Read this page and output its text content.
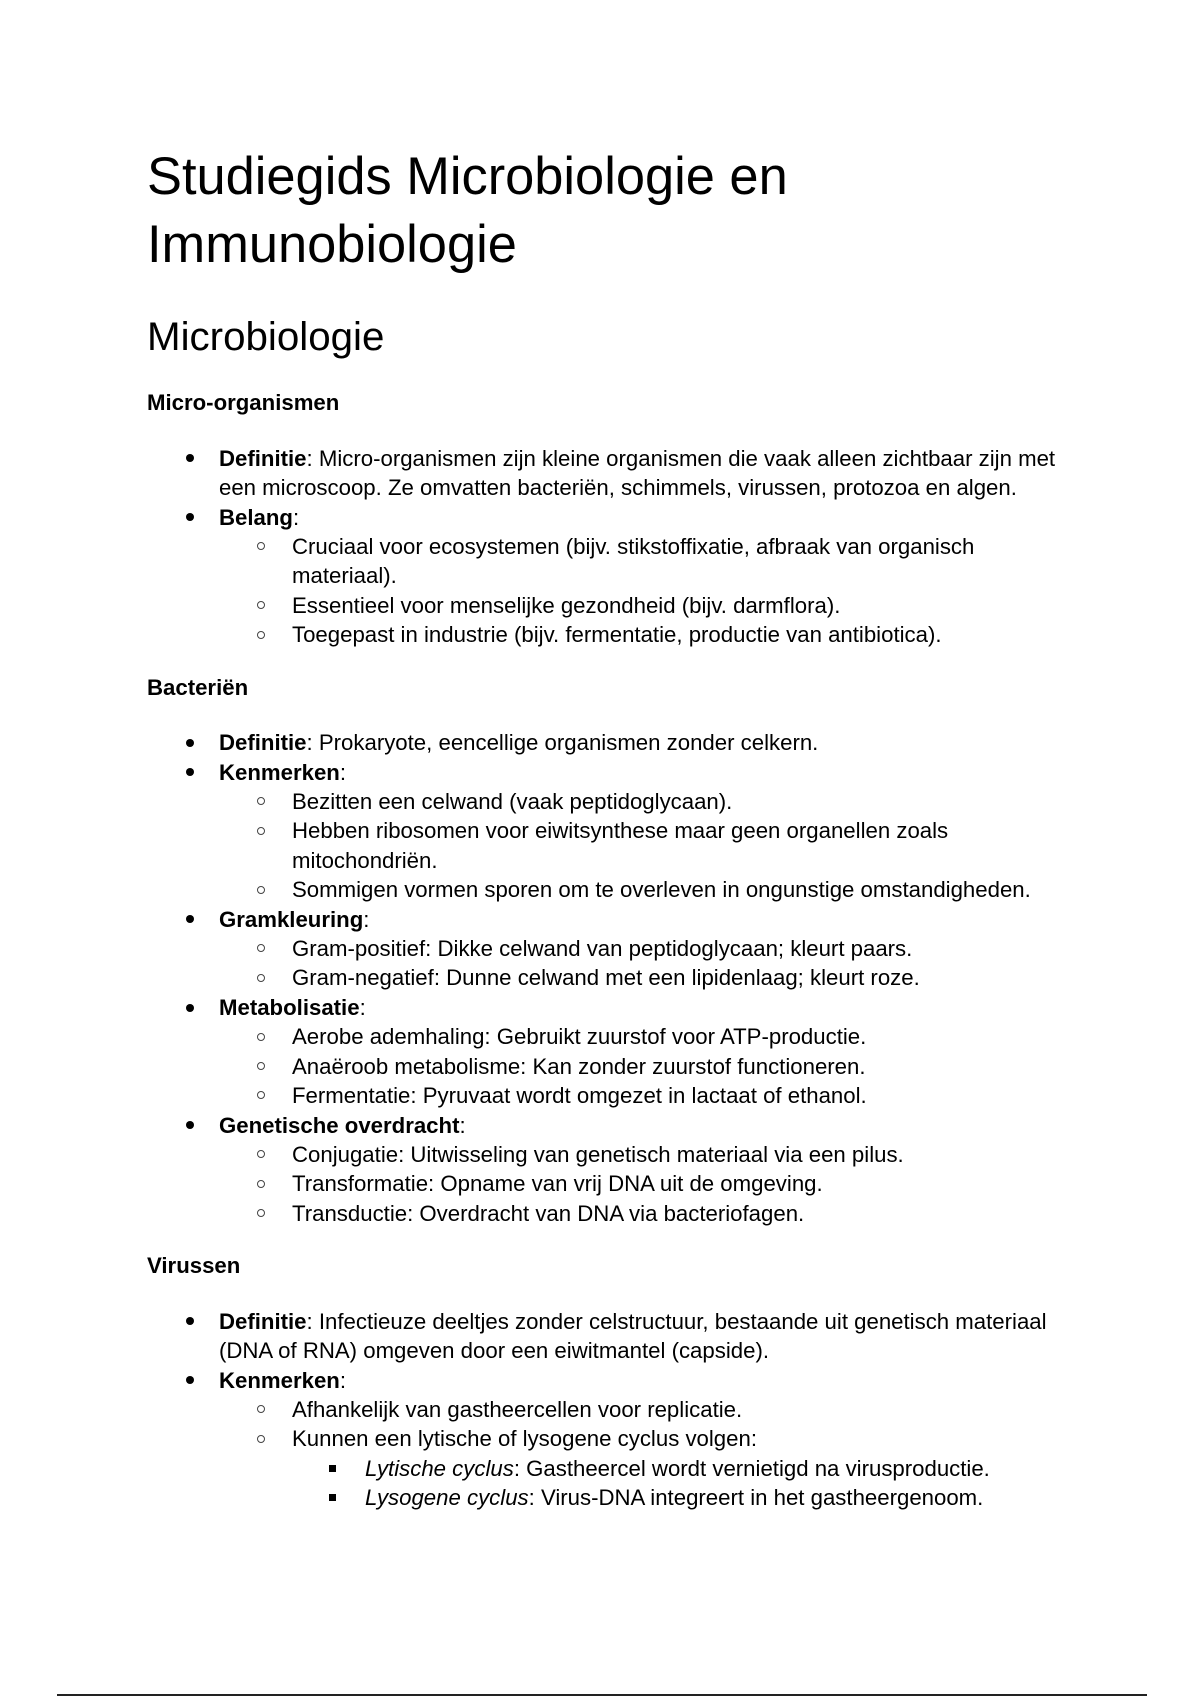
Studiegids Microbiologie en Immunobiologie
Microbiologie
Micro-organismen
Definitie: Micro-organismen zijn kleine organismen die vaak alleen zichtbaar zijn met een microscoop. Ze omvatten bacteriën, schimmels, virussen, protozoa en algen.
Belang:
Cruciaal voor ecosystemen (bijv. stikstoffixatie, afbraak van organisch materiaal).
Essentieel voor menselijke gezondheid (bijv. darmflora).
Toegepast in industrie (bijv. fermentatie, productie van antibiotica).
Bacteriën
Definitie: Prokaryote, eencellige organismen zonder celkern.
Kenmerken:
Bezitten een celwand (vaak peptidoglycaan).
Hebben ribosomen voor eiwitsynthese maar geen organellen zoals mitochondriën.
Sommigen vormen sporen om te overleven in ongunstige omstandigheden.
Gramkleuring:
Gram-positief: Dikke celwand van peptidoglycaan; kleurt paars.
Gram-negatief: Dunne celwand met een lipidenlaag; kleurt roze.
Metabolisatie:
Aerobe ademhaling: Gebruikt zuurstof voor ATP-productie.
Anaëroob metabolisme: Kan zonder zuurstof functioneren.
Fermentatie: Pyruvaat wordt omgezet in lactaat of ethanol.
Genetische overdracht:
Conjugatie: Uitwisseling van genetisch materiaal via een pilus.
Transformatie: Opname van vrij DNA uit de omgeving.
Transductie: Overdracht van DNA via bacteriofagen.
Virussen
Definitie: Infectieuze deeltjes zonder celstructuur, bestaande uit genetisch materiaal (DNA of RNA) omgeven door een eiwitmantel (capside).
Kenmerken:
Afhankelijk van gastheercellen voor replicatie.
Kunnen een lytische of lysogene cyclus volgen:
Lytische cyclus: Gastheercel wordt vernietigd na virusproductie.
Lysogene cyclus: Virus-DNA integreert in het gastheergenoom.
